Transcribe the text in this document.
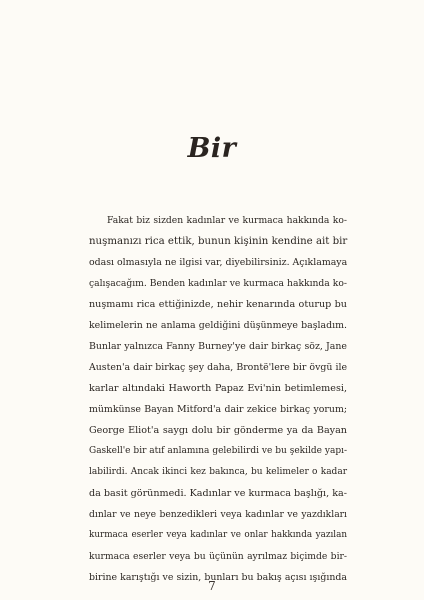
Bir
Fakat biz sizden kadınlar ve kurmaca hakkında ko-
nuşmanızı rica ettik, bunun kişinin kendine ait bir
odası olmasıyla ne ilgisi var, diyebilirsiniz. Açıklamaya
çalışacağım. Benden kadınlar ve kurmaca hakkında ko-
nuşmamı rica ettiğinizde, nehir kenarında oturup bu
kelimelerin ne anlama geldiğini düşünmeye başladım.
Bunlar yalnızca Fanny Burney'ye dair birkaç söz, Jane
Austen'a dair birkaç şey daha, Brontë'lere bir övgü ile
karlar altındaki Haworth Papaz Evi'nin betimlemesi,
mümkünse Bayan Mitford'a dair zekice birkaç yorum;
George Eliot'a saygı dolu bir gönderme ya da Bayan
Gaskell'e bir atıf anlamına gelebilirdi ve bu şekilde yapı-
labilirdi. Ancak ikinci kez bakınca, bu kelimeler o kadar
da basit görünmedi. Kadınlar ve kurmaca başlığı, ka-
dınlar ve neye benzedikleri veya kadınlar ve yazdıkları
kurmaca eserler veya kadınlar ve onlar hakkında yazılan
kurmaca eserler veya bu üçünün ayrılmaz biçimde bir-
birine karıştığı ve sizin, bunları bu bakış açısı ışığında
7
